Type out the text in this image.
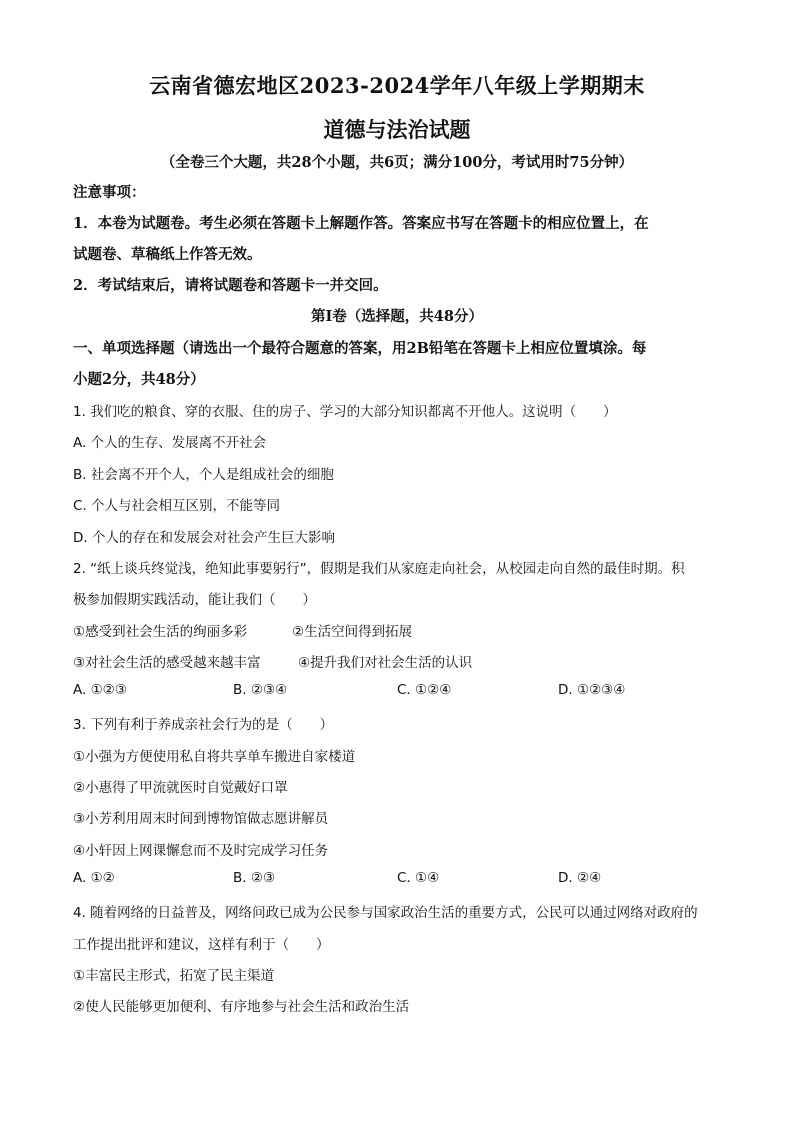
云南省德宏地区2023-2024学年八年级上学期期末
道德与法治试题
（全卷三个大题，共28个小题，共6页；满分100分，考试用时75分钟）
注意事项：
1．本卷为试题卷。考生必须在答题卡上解题作答。答案应书写在答题卡的相应位置上，在
试题卷、草稿纸上作答无效。
2．考试结束后，请将试题卷和答题卡一并交回。
第Ⅰ卷（选择题，共48分）
一、单项选择题（请选出一个最符合题意的答案，用2B铅笔在答题卡上相应位置填涂。每
小题2分，共48分）
1. 我们吃的粮食、穿的衣服、住的房子、学习的大部分知识都离不开他人。这说明（　　）
A. 个人的生存、发展离不开社会
B. 社会离不开个人，个人是组成社会的细胞
C. 个人与社会相互区别，不能等同
D. 个人的存在和发展会对社会产生巨大影响
2. “纸上谈兵终觉浅，绝知此事要躬行”，假期是我们从家庭走向社会，从校园走向自然的最佳时期。积
极参加假期实践活动，能让我们（　　）
①感受到社会生活的绚丽多彩	②生活空间得到拓展
③对社会生活的感受越来越丰富	④提升我们对社会生活的认识
A. ①②③	B. ②③④	C. ①②④	D. ①②③④
3. 下列有利于养成亲社会行为的是（　　）
①小强为方便使用私自将共享单车搬进自家楼道
②小惠得了甲流就医时自觉戴好口罩
③小芳利用周末时间到博物馆做志愿讲解员
④小轩因上网课懈怠而不及时完成学习任务
A. ①②	B. ②③	C. ①④	D. ②④
4. 随着网络的日益普及，网络问政已成为公民参与国家政治生活的重要方式，公民可以通过网络对政府的
工作提出批评和建议，这样有利于（　　）
①丰富民主形式，拓宽了民主渠道
②使人民能够更加便利、有序地参与社会生活和政治生活
